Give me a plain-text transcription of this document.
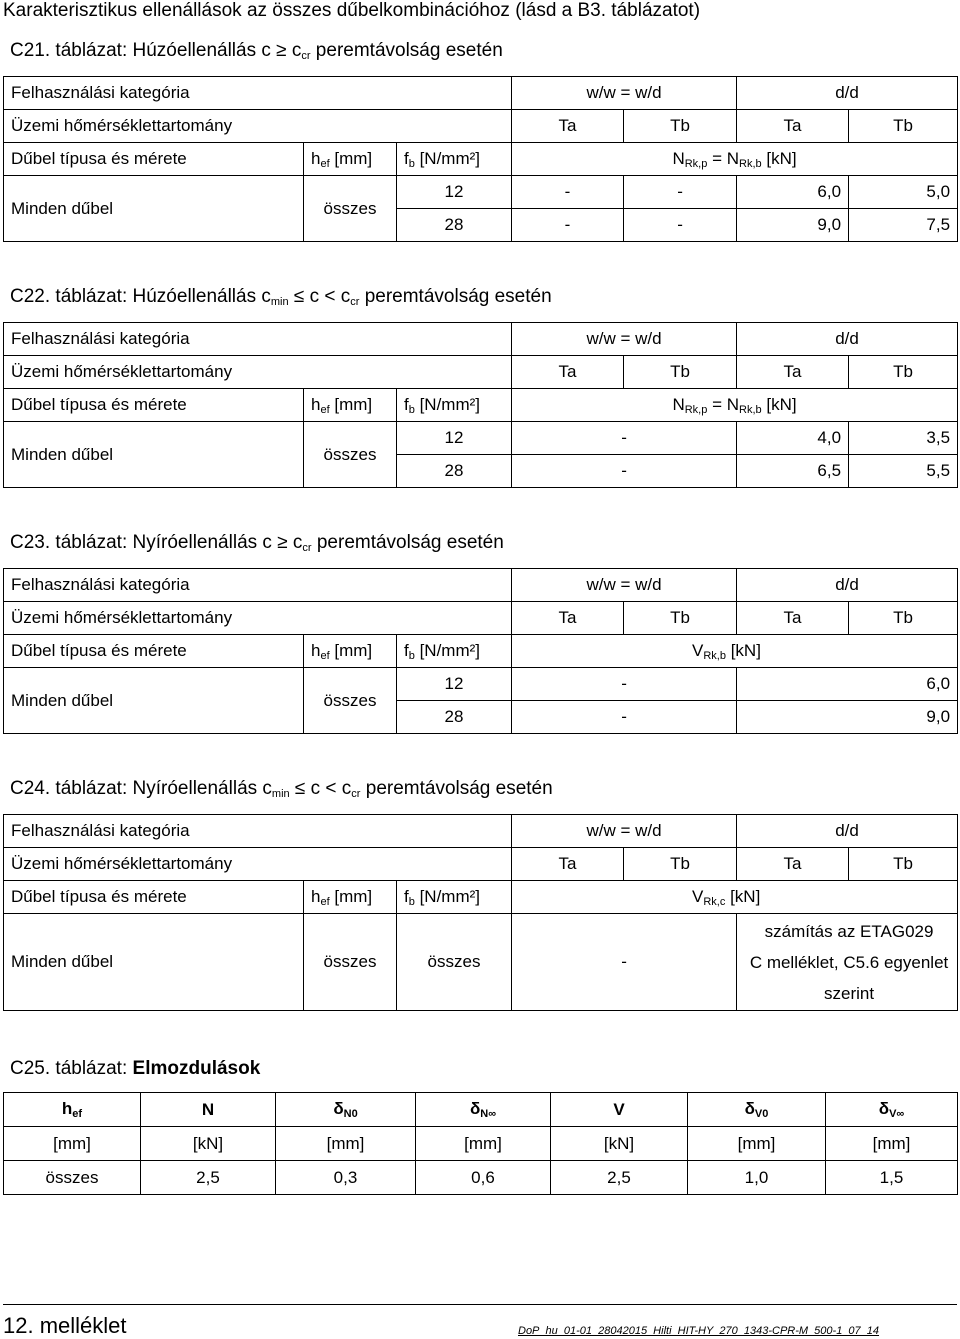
Karakterisztikus ellenállások az összes dűbelkombinációhoz (lásd a B3. táblázatot)
C21. táblázat: Húzóellenállás $c \ge c_{cr}$ peremtávolság esetén
Felhasználási kategória			w/w = w/d		d/d	
Üzemi hőmérséklettartomány			Ta	Tb	Ta	Tb
Dűbel típusa és mérete	$h_{ef}$ [mm]	$f_b$ [N/mm²]	$N_{Rk,p} = N_{Rk,b}$ [kN]			
Minden dűbel	összes	12	-	-	6,0	5,0
		28	-	-	9,0	7,5
C22. táblázat: Húzóellenállás $c_{min} \le c < c_{cr}$ peremtávolság esetén
Felhasználási kategória			w/w = w/d		d/d	
Üzemi hőmérséklettartomány			Ta	Tb	Ta	Tb
Dűbel típusa és mérete	$h_{ef}$ [mm]	$f_b$ [N/mm²]	$N_{Rk,p} = N_{Rk,b}$ [kN]			
Minden dűbel	összes	12	-		4,0	3,5
		28	-		6,5	5,5
C23. táblázat: Nyíróellenállás $c \ge c_{cr}$ peremtávolság esetén
Felhasználási kategória			w/w = w/d		d/d	
Üzemi hőmérséklettartomány			Ta	Tb	Ta	Tb
Dűbel típusa és mérete	$h_{ef}$ [mm]	$f_b$ [N/mm²]	$V_{Rk,b}$ [kN]			
Minden dűbel	összes	12	-		6,0	
		28	-		9,0	
C24. táblázat: Nyíróellenállás $c_{min} \le c < c_{cr}$ peremtávolság esetén
Felhasználási kategória			w/w = w/d		d/d	
Üzemi hőmérséklettartomány			Ta	Tb	Ta	Tb
Dűbel típusa és mérete	$h_{ef}$ [mm]	$f_b$ [N/mm²]	$V_{Rk,c}$ [kN]			
Minden dűbel	összes	összes	-		számítás az ETAG029
C melléklet, C5.6 egyenlet
szerint	
C25. táblázat: Elmozdulások
$h_{ef}$	N	$\delta_{N0}$	$\delta_{N\infty}$	V	$\delta_{V0}$	$\delta_{V\infty}$
[mm]	[kN]	[mm]	[mm]	[kN]	[mm]	[mm]
összes	2,5	0,3	0,6	2,5	1,0	1,5
12. melléklet	DoP_hu_01-01_28042015_Hilti_HIT-HY_270_1343-CPR-M_500-1_07_14
